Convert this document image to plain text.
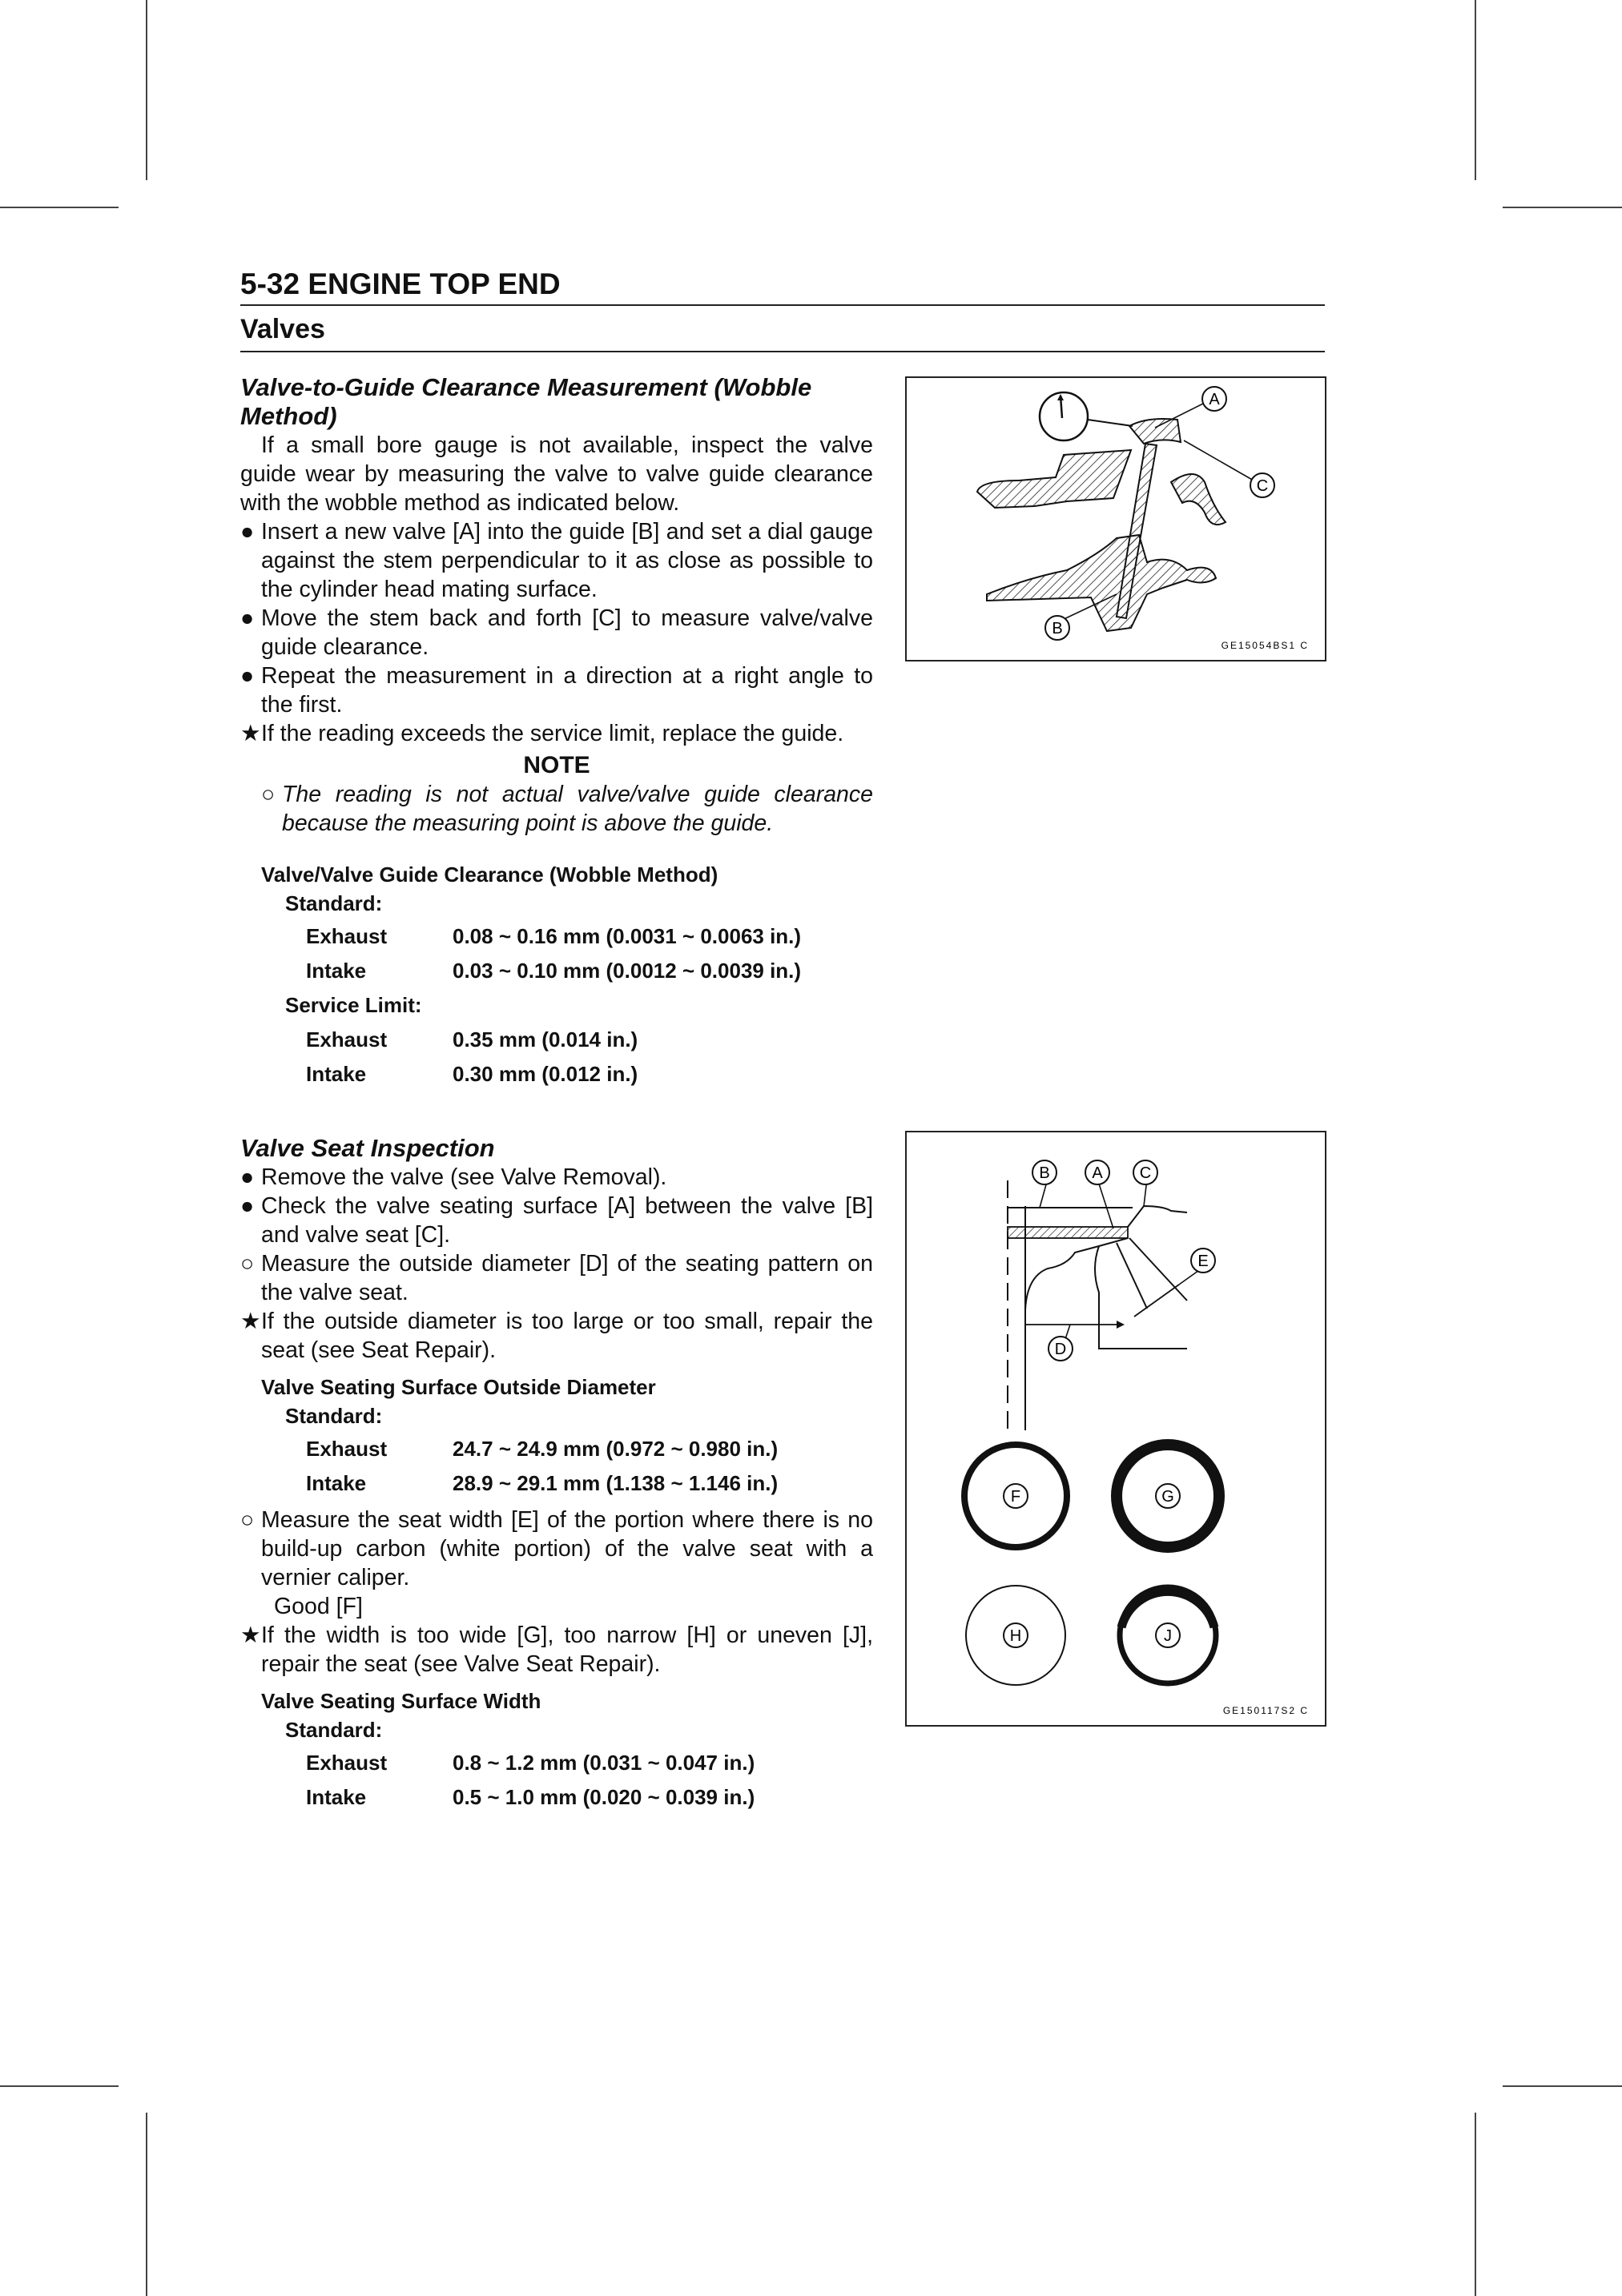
5-32 ENGINE TOP END
Valves
Valve-to-Guide Clearance Measurement (Wobble Method)

If a small bore gauge is not available, inspect the valve guide wear by measuring the valve to valve guide clearance with the wobble method as indicated below.

● Insert a new valve [A] into the guide [B] and set a dial gauge against the stem perpendicular to it as close as possible to the cylinder head mating surface.
● Move the stem back and forth [C] to measure valve/valve guide clearance.
● Repeat the measurement in a direction at a right angle to the first.
★ If the reading exceeds the service limit, replace the guide.
NOTE
○ The reading is not actual valve/valve guide clearance because the measuring point is above the guide.
Valve/Valve Guide Clearance (Wobble Method)
Standard:
Exhaust	0.08 ~ 0.16 mm (0.0031 ~ 0.0063 in.)
Intake	0.03 ~ 0.10 mm (0.0012 ~ 0.0039 in.)
Service Limit:
Exhaust	0.35 mm (0.014 in.)
Intake	0.30 mm (0.012 in.)
Valve Seat Inspection
● Remove the valve (see Valve Removal).
● Check the valve seating surface [A] between the valve [B] and valve seat [C].
○ Measure the outside diameter [D] of the seating pattern on the valve seat.
★ If the outside diameter is too large or too small, repair the seat (see Seat Repair).
Valve Seating Surface Outside Diameter
Standard:
Exhaust	24.7 ~ 24.9 mm (0.972 ~ 0.980 in.)
Intake	28.9 ~ 29.1 mm (1.138 ~ 1.146 in.)
○ Measure the seat width [E] of the portion where there is no build-up carbon (white portion) of the valve seat with a vernier caliper.
Good [F]
★ If the width is too wide [G], too narrow [H] or uneven [J], repair the seat (see Valve Seat Repair).
Valve Seating Surface Width
Standard:
Exhaust	0.8 ~ 1.2 mm (0.031 ~ 0.047 in.)
Intake	0.5 ~ 1.0 mm (0.020 ~ 0.039 in.)
A
C
B
GE15054BS1 C
B	A C
E
D
F	G
H	J
GE150117S2 C
